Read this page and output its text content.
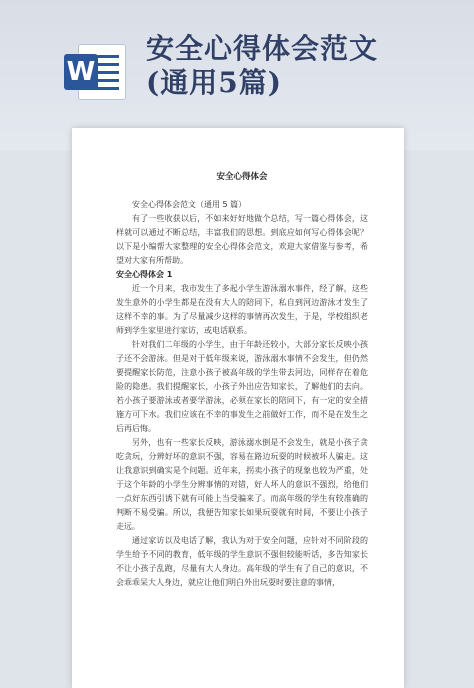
W
安全心得体会范文
(通用5篇)
安全心得体会

安全心得体会范文（通用 5 篇）

有了一些收获以后，不如来好好地做个总结，写一篇心得体会，这样就可以通过不断总结，丰富我们的思想。到底应如何写心得体会呢？以下是小编帮大家整理的安全心得体会范文，欢迎大家借鉴与参考，希望对大家有所帮助。

安全心得体会 1

近一个月来，我市发生了多起小学生游泳溺水事件，经了解，这些发生意外的小学生都是在没有大人的陪同下，私自到河边游泳才发生了这样不幸的事。为了尽量减少这样的事情再次发生，于是，学校组织老师到学生家里进行家访，或电话联系。

针对我们二年级的小学生，由于年龄还较小，大部分家长反映小孩子还不会游泳。但是对于低年级来说，游泳溺水事情不会发生，但仍然要提醒家长防范，注意小孩子被高年级的学生带去河边，同样存在着危险的隐患。我们提醒家长，小孩子外出应告知家长，了解他们的去向。若小孩子要游泳或者要学游泳，必须在家长的陪同下，有一定的安全措施方可下水。我们应该在不幸的事发生之前做好工作，而不是在发生之后再后悔。

另外，也有一些家长反映，游泳溺水倒是不会发生，就是小孩子贪吃贪玩，分辨好坏的意识不强，容易在路边玩耍的时候被坏人骗走。这让我意识到确实是个问题。近年来，拐卖小孩子的现象也较为严重，处于这个年龄的小学生分辨事情的对错，好人坏人的意识不强烈，给他们一点好东西引诱下就有可能上当受骗来了。而高年级的学生有较准确的判断不易受骗。所以，我便告知家长如果玩耍就有时间，不要让小孩子走远。

通过家访以及电话了解，我认为对于安全问题，应针对不同阶段的学生给予不同的教育，低年级的学生意识不强但较能听话，多告知家长不让小孩子乱跑，尽量有大人身边。高年级的学生有了自己的意识，不会乖乖呆大人身边，就应让他们明白外出玩耍时要注意的事情，
